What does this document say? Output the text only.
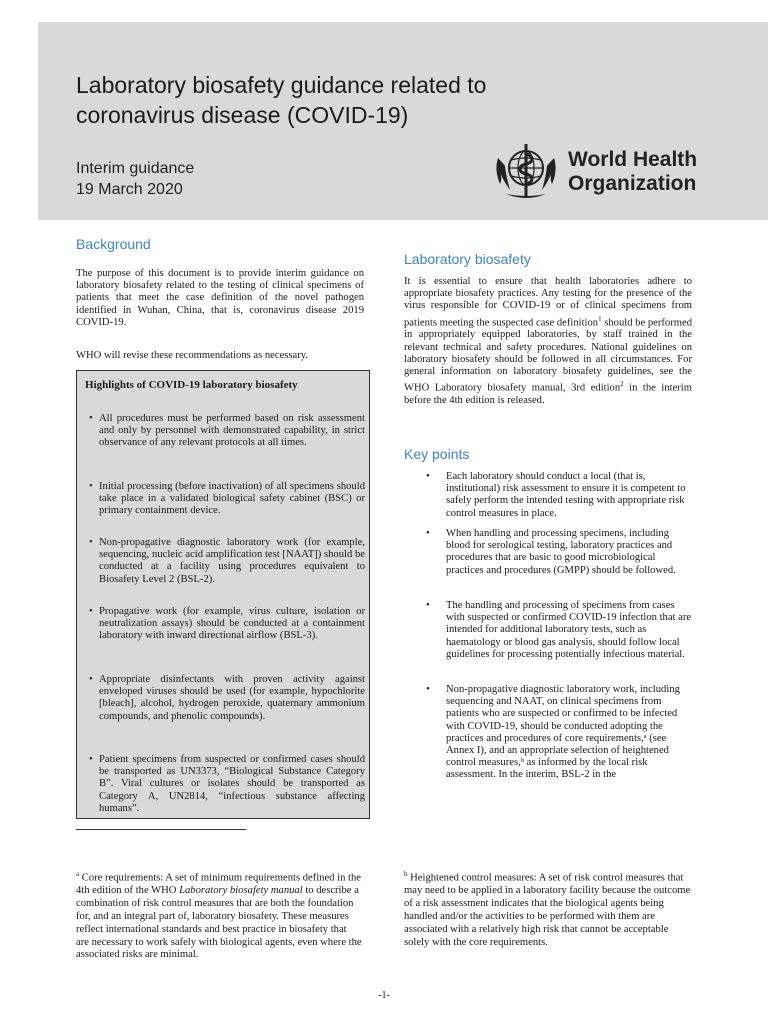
Laboratory biosafety guidance related to
coronavirus disease (COVID-19)
Interim guidance
19 March 2020
World Health
Organization
Background

The purpose of this document is to provide interim guidance on laboratory biosafety related to the testing of clinical specimens of patients that meet the case definition of the novel pathogen identified in Wuhan, China, that is, coronavirus disease 2019 COVID-19.

WHO will revise these recommendations as necessary.

Highlights of COVID-19 laboratory biosafety

• All procedures must be performed based on risk assessment and only by personnel with demonstrated capability, in strict observance of any relevant protocols at all times.
• Initial processing (before inactivation) of all specimens should take place in a validated biological safety cabinet (BSC) or primary containment device.
• Non-propagative diagnostic laboratory work (for example, sequencing, nucleic acid amplification test [NAAT]) should be conducted at a facility using procedures equivalent to Biosafety Level 2 (BSL-2).
• Propagative work (for example, virus culture, isolation or neutralization assays) should be conducted at a containment laboratory with inward directional airflow (BSL-3).
• Appropriate disinfectants with proven activity against enveloped viruses should be used (for example, hypochlorite [bleach], alcohol, hydrogen peroxide, quaternary ammonium compounds, and phenolic compounds).
• Patient specimens from suspected or confirmed cases should be transported as UN3373, “Biological Substance Category B”. Viral cultures or isolates should be transported as Category A, UN2814, “infectious substance affecting humans”.
Laboratory biosafety

It is essential to ensure that health laboratories adhere to appropriate biosafety practices. Any testing for the presence of the virus responsible for COVID-19 or of clinical specimens from patients meeting the suspected case definition$^1$ should be performed in appropriately equipped laboratories, by staff trained in the relevant technical and safety procedures. National guidelines on laboratory biosafety should be followed in all circumstances. For general information on laboratory biosafety guidelines, see the WHO Laboratory biosafety manual, 3rd edition$^2$ in the interim before the 4th edition is released.

Key points
•	Each laboratory should conduct a local (that is, institutional) risk assessment to ensure it is competent to safely perform the intended testing with appropriate risk control measures in place.
•	When handling and processing specimens, including blood for serological testing, laboratory practices and procedures that are basic to good microbiological practices and procedures (GMPP) should be followed.
•	The handling and processing of specimens from cases with suspected or confirmed COVID-19 infection that are intended for additional laboratory tests, such as haematology or blood gas analysis, should follow local guidelines for processing potentially infectious material.
•	Non-propagative diagnostic laboratory work, including sequencing and NAAT, on clinical specimens from patients who are suspected or confirmed to be infected with COVID-19, should be conducted adopting the practices and procedures of core requirements,ᵃ (see Annex I), and an appropriate selection of heightened control measures,ᵇ as informed by the local risk assessment. In the interim, BSL-2 in the

$^a$ Core requirements: A set of minimum requirements defined in the 4th edition of the WHO Laboratory biosafety manual to describe a combination of risk control measures that are both the foundation for, and an integral part of, laboratory biosafety. These measures reflect international standards and best practice in biosafety that are necessary to work safely with biological agents, even where the associated risks are minimal.

$^b$ Heightened control measures: A set of risk control measures that may need to be applied in a laboratory facility because the outcome of a risk assessment indicates that the biological agents being handled and/or the activities to be performed with them are associated with a relatively high risk that cannot be acceptable solely with the core requirements.

-1-
